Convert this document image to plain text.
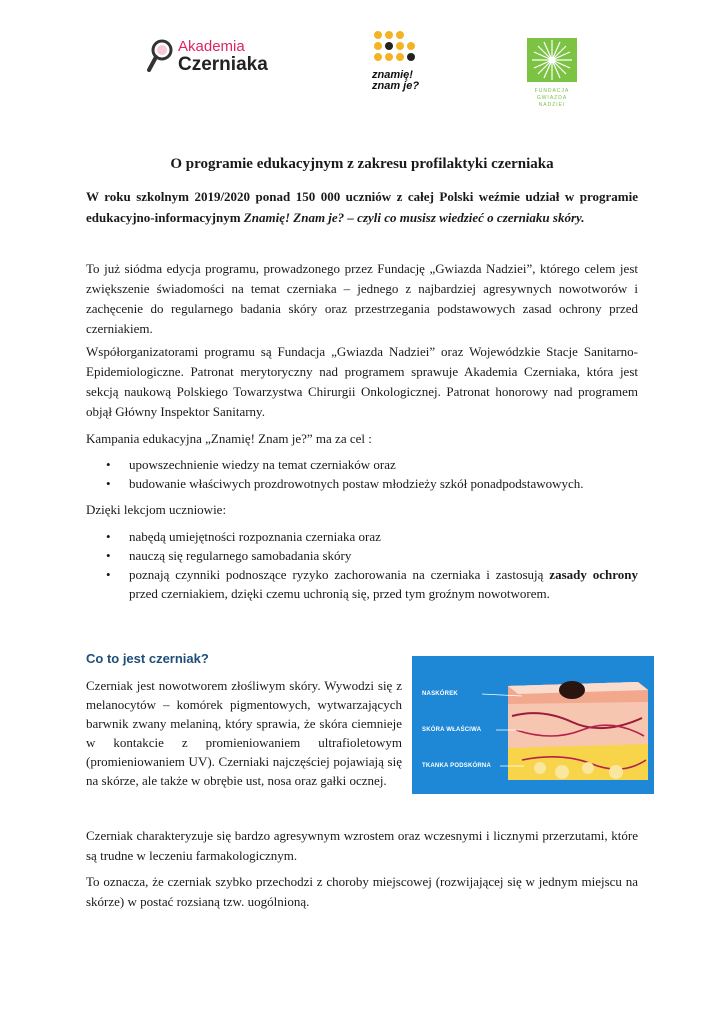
Akademia
Czerniaka	znamię!
znam je?	FUNDACJA GWIAZDA NADZIEI
O programie edukacyjnym z zakresu profilaktyki czerniaka
W roku szkolnym 2019/2020 ponad 150 000 uczniów z całej Polski weźmie udział w programie edukacyjno-informacyjnym Znamię! Znam je? – czyli co musisz wiedzieć o czerniaku skóry.
To już siódma edycja programu, prowadzonego przez Fundację „Gwiazda Nadziei”, którego celem jest zwiększenie świadomości na temat czerniaka – jednego z najbardziej agresywnych nowotworów i zachęcenie do regularnego badania skóry oraz przestrzegania podstawowych zasad ochrony przed czerniakiem.
Współorganizatorami programu są Fundacja „Gwiazda Nadziei” oraz Wojewódzkie Stacje Sanitarno-Epidemiologiczne. Patronat merytoryczny nad programem sprawuje Akademia Czerniaka, która jest sekcją naukową Polskiego Towarzystwa Chirurgii Onkologicznej. Patronat honorowy nad programem objął Główny Inspektor Sanitarny.
Kampania edukacyjna „Znamię! Znam je?” ma za cel :
• upowszechnienie wiedzy na temat czerniaków oraz
• budowanie właściwych prozdrowotnych postaw młodzieży szkół ponadpodstawowych.
Dzięki lekcjom uczniowie:
• nabędą umiejętności rozpoznania czerniaka oraz
• nauczą się regularnego samobadania skóry
• poznają czynniki podnoszące ryzyko zachorowania na czerniaka i zastosują zasady ochrony przed czerniakiem, dzięki czemu uchronią się, przed tym groźnym nowotworem.
Co to jest czerniak?
Czerniak jest nowotworem złośliwym skóry. Wywodzi się z melanocytów – komórek pigmentowych, wytwarzających barwnik zwany melaniną, który sprawia, że skóra ciemnieje w kontakcie z promieniowaniem ultrafioletowym (promieniowaniem UV). Czerniaki najczęściej pojawiają się na skórze, ale także w obrębie ust, nosa oraz gałki ocznej.
NASKÓREK
SKÓRA WŁAŚCIWA
TKANKA PODSKÓRNA
Czerniak charakteryzuje się bardzo agresywnym wzrostem oraz wczesnymi i licznymi przerzutami, które są trudne w leczeniu farmakologicznym.
To oznacza, że czerniak szybko przechodzi z choroby miejscowej (rozwijającej się w jednym miejscu na skórze) w postać rozsianą tzw. uogólnioną.
